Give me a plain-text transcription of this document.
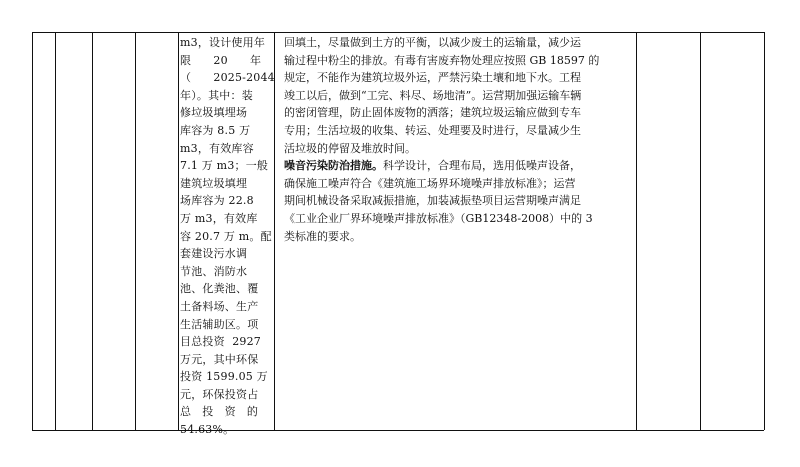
m3，设计使用年
限      20      年
（      2025-2044
年）。其中：装
修垃圾填埋场
库容为 8.5 万
m3，有效库容
7.1 万 m3；一般
建筑垃圾填埋
场库容为 22.8
万 m3，有效库
容 20.7 万 m。配
套建设污水调
节池、消防水
池、化粪池、覆
土备料场、生产
生活辅助区。项
目总投资  2927
万元，其中环保
投资 1599.05 万
元，环保投资占
总   投   资   的
54.63%。
回填土，尽量做到土方的平衡，以减少废土的运输量，减少运
输过程中粉尘的排放。有毒有害废弃物处理应按照 GB 18597 的
规定，不能作为建筑垃圾外运，严禁污染土壤和地下水。工程
竣工以后，做到“工完、料尽、场地清”。运营期加强运输车辆
的密闭管理，防止固体废物的洒落；建筑垃圾运输应做到专车
专用；生活垃圾的收集、转运、处理要及时进行，尽量减少生
活垃圾的停留及堆放时间。
噪音污染防治措施。科学设计，合理布局，选用低噪声设备，
确保施工噪声符合《建筑施工场界环境噪声排放标准》；运营
期间机械设备采取减振措施，加装减振垫项目运营期噪声满足
《工业企业厂界环境噪声排放标准》（GB12348-2008）中的 3
类标准的要求。
